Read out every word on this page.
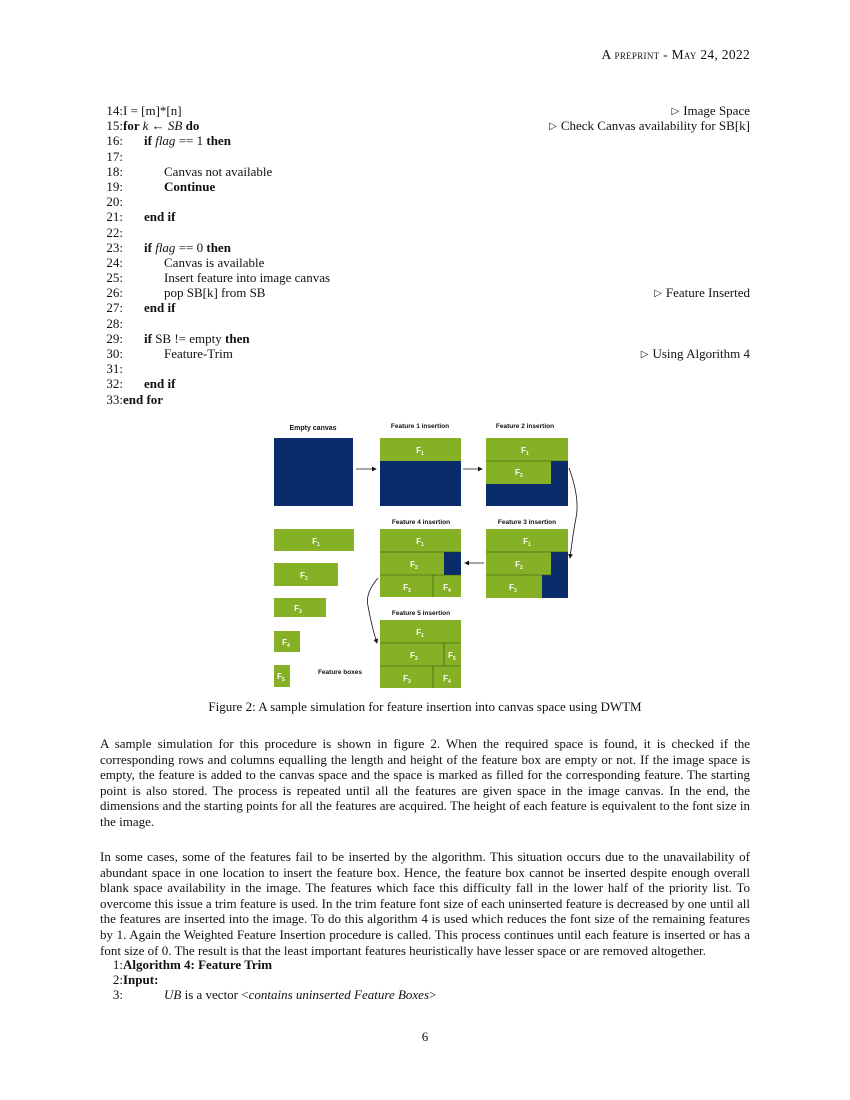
A preprint - May 24, 2022
14: I = [m]*[n]	▷ Image Space
15: for k ← SB do	▷ Check Canvas availability for SB[k]
16: if flag == 1 then
17:
18:	Canvas not available
19:	Continue
20:
21: end if
22:
23: if flag == 0 then
24:	Canvas is available
25:	Insert feature into image canvas
26:	pop SB[k] from SB	▷ Feature Inserted
27: end if
28:
29: if SB != empty then
30:	Feature-Trim	▷ Using Algorithm 4
31:
32: end if
33: end for
Empty canvas	Feature 1 insertion	Feature 2 insertion
Feature 4 insertion	Feature 3 insertion
Feature 5 insertion
Feature boxes
$F_1$	$F_1$
$F_2$
$F_1$
$F_2$
$F_3$	$F_4$
$F_1$
$F_2$
$F_3$
$F_1$
$F_2$	$F_5$
$F_3$	$F_4$
$F_1$
$F_2$
$F_3$
$F_4$
$F_5$
Figure 2: A sample simulation for feature insertion into canvas space using DWTM

A sample simulation for this procedure is shown in figure 2. When the required space is found, it is checked if the corresponding rows and columns equalling the length and height of the feature box are empty or not. If the image space is empty, the feature is added to the canvas space and the space is marked as filled for the corresponding feature. The starting point is also stored. The process is repeated until all the features are given space in the image canvas. In the end, the dimensions and the starting points for all the features are acquired. The height of each feature is equivalent to the font size in the image.

In some cases, some of the features fail to be inserted by the algorithm. This situation occurs due to the unavailability of abundant space in one location to insert the feature box. Hence, the feature box cannot be inserted despite enough overall blank space availability in the image. The features which face this difficulty fall in the lower half of the priority list. To overcome this issue a trim feature is used. In the trim feature font size of each uninserted feature is decreased by one until all the features are inserted into the image. To do this algorithm 4 is used which reduces the font size of the remaining features by 1. Again the Weighted Feature Insertion procedure is called. This process continues until each feature is inserted or has a font size of 0. The result is that the least important features heuristically have lesser space or are removed altogether.

1: Algorithm 4: Feature Trim
2: Input:
3:	UB is a vector <contains uninserted Feature Boxes>
6
